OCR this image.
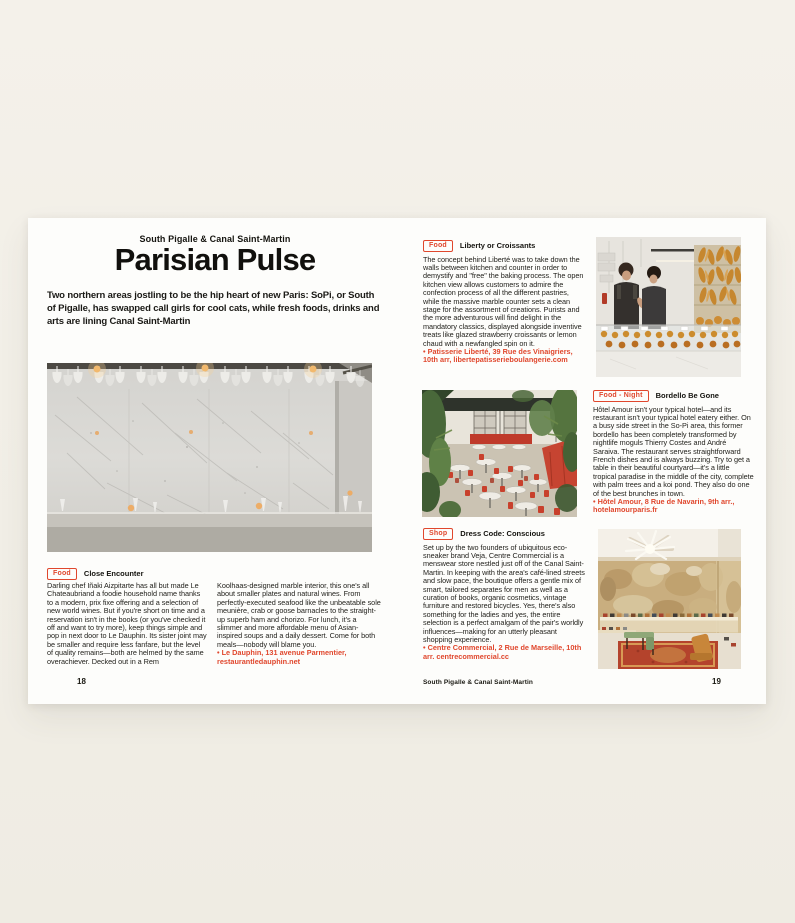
South Pigalle & Canal Saint-Martin
Parisian Pulse

Two northern areas jostling to be the hip heart of new Paris: SoPi, or South of Pigalle, has swapped call girls for cool cats, while fresh foods, drinks and arts are lining Canal Saint-Martin

Food	Close Encounter

Darling chef Iñaki Aizpitarte has all but made Le Chateaubriand a foodie household name thanks to a modern, prix fixe offering and a selection of new world wines. But if you're short on time and a reservation isn't in the books (or you've checked it off and want to try more), keep things simple and pop in next door to Le Dauphin. Its sister joint may be smaller and require less fanfare, but the level of quality remains—both are helmed by the same overachiever. Decked out in a Rem

Koolhaas-designed marble interior, this one's all about smaller plates and natural wines. From perfectly-executed seafood like the unbeatable sole meunière, crab or goose barnacles to the straight-up superb ham and chorizo. For lunch, it's a slimmer and more affordable menu of Asian-inspired soups and a daily dessert. Come for both meals—nobody will blame you.

• Le Dauphin, 131 avenue Parmentier, restaurantledauphin.net

18
Food	Liberty or Croissants

The concept behind Liberté was to take down the walls between kitchen and counter in order to demystify and "free" the baking process. The open kitchen view allows customers to admire the confection process of all the different pastries, while the massive marble counter sets a clean stage for the assortment of creations. Purists and the more adventurous will find delight in the mandatory classics, displayed alongside inventive treats like glazed strawberry croissants or lemon chaud with a newfangled spin on it.

• Patisserie Liberté, 39 Rue des Vinaigriers, 10th arr, libertepatisserieboulangerie.com

Food - Night	Bordello Be Gone

Hôtel Amour isn't your typical hotel—and its restaurant isn't your typical hotel eatery either. On a busy side street in the So-Pi area, this former bordello has been completely transformed by nightlife moguls Thierry Costes and André Saraiva. The restaurant serves straightforward French dishes and is always buzzing. Try to get a table in their beautiful courtyard—it's a little tropical paradise in the middle of the city, complete with palm trees and a koi pond. They also do one of the best brunches in town.

• Hôtel Amour, 8 Rue de Navarin, 9th arr., hotelamourparis.fr

Shop	Dress Code: Conscious

Set up by the two founders of ubiquitous eco-sneaker brand Veja, Centre Commercial is a menswear store nestled just off of the Canal Saint-Martin. In keeping with the area's café-lined streets and slow pace, the boutique offers a gentle mix of smart, tailored separates for men as well as a curation of books, organic cosmetics, vintage furniture and restored bicycles. Yes, there's also something for the ladies and yes, the entire selection is a perfect amalgam of the pair's worldly influences—making for an utterly pleasant shopping experience.

• Centre Commercial, 2 Rue de Marseille, 10th arr. centrecommercial.cc

South Pigalle & Canal Saint-Martin	19
